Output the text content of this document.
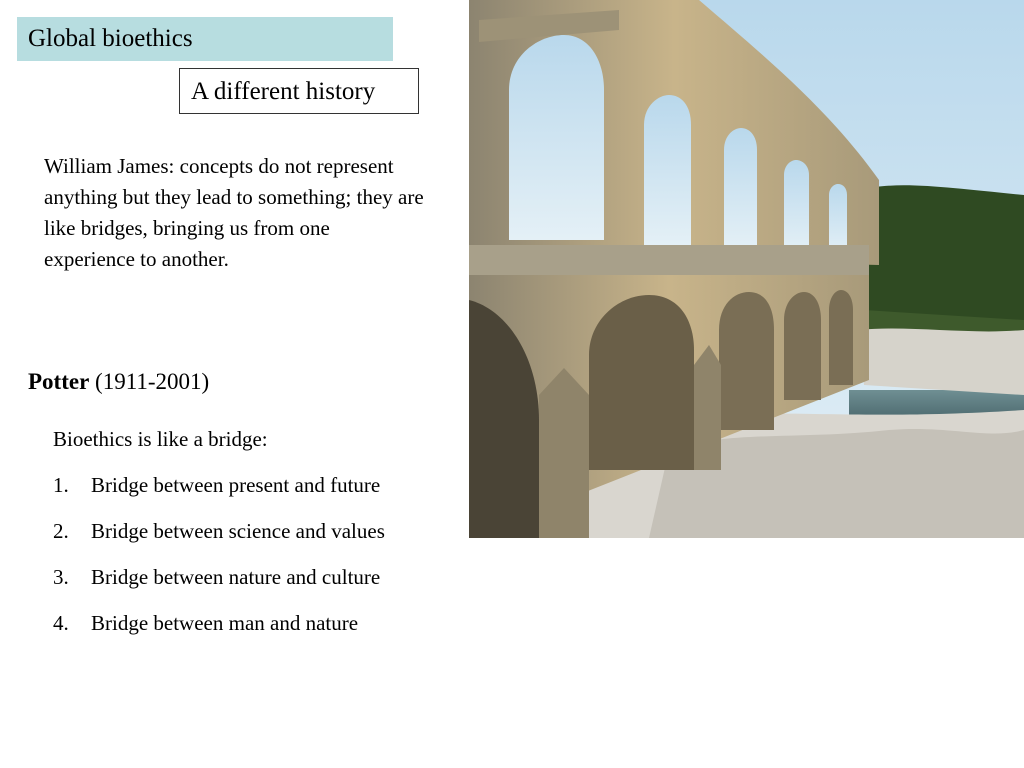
Global bioethics
A different history
William James: concepts do not represent anything but they lead to something; they are like bridges, bringing us from one experience to another.
Potter (1911-2001)
Bioethics is like a bridge:
1.	Bridge between present and future
2.	Bridge between science and values
3.	Bridge between nature and culture
4.	Bridge between man and nature
